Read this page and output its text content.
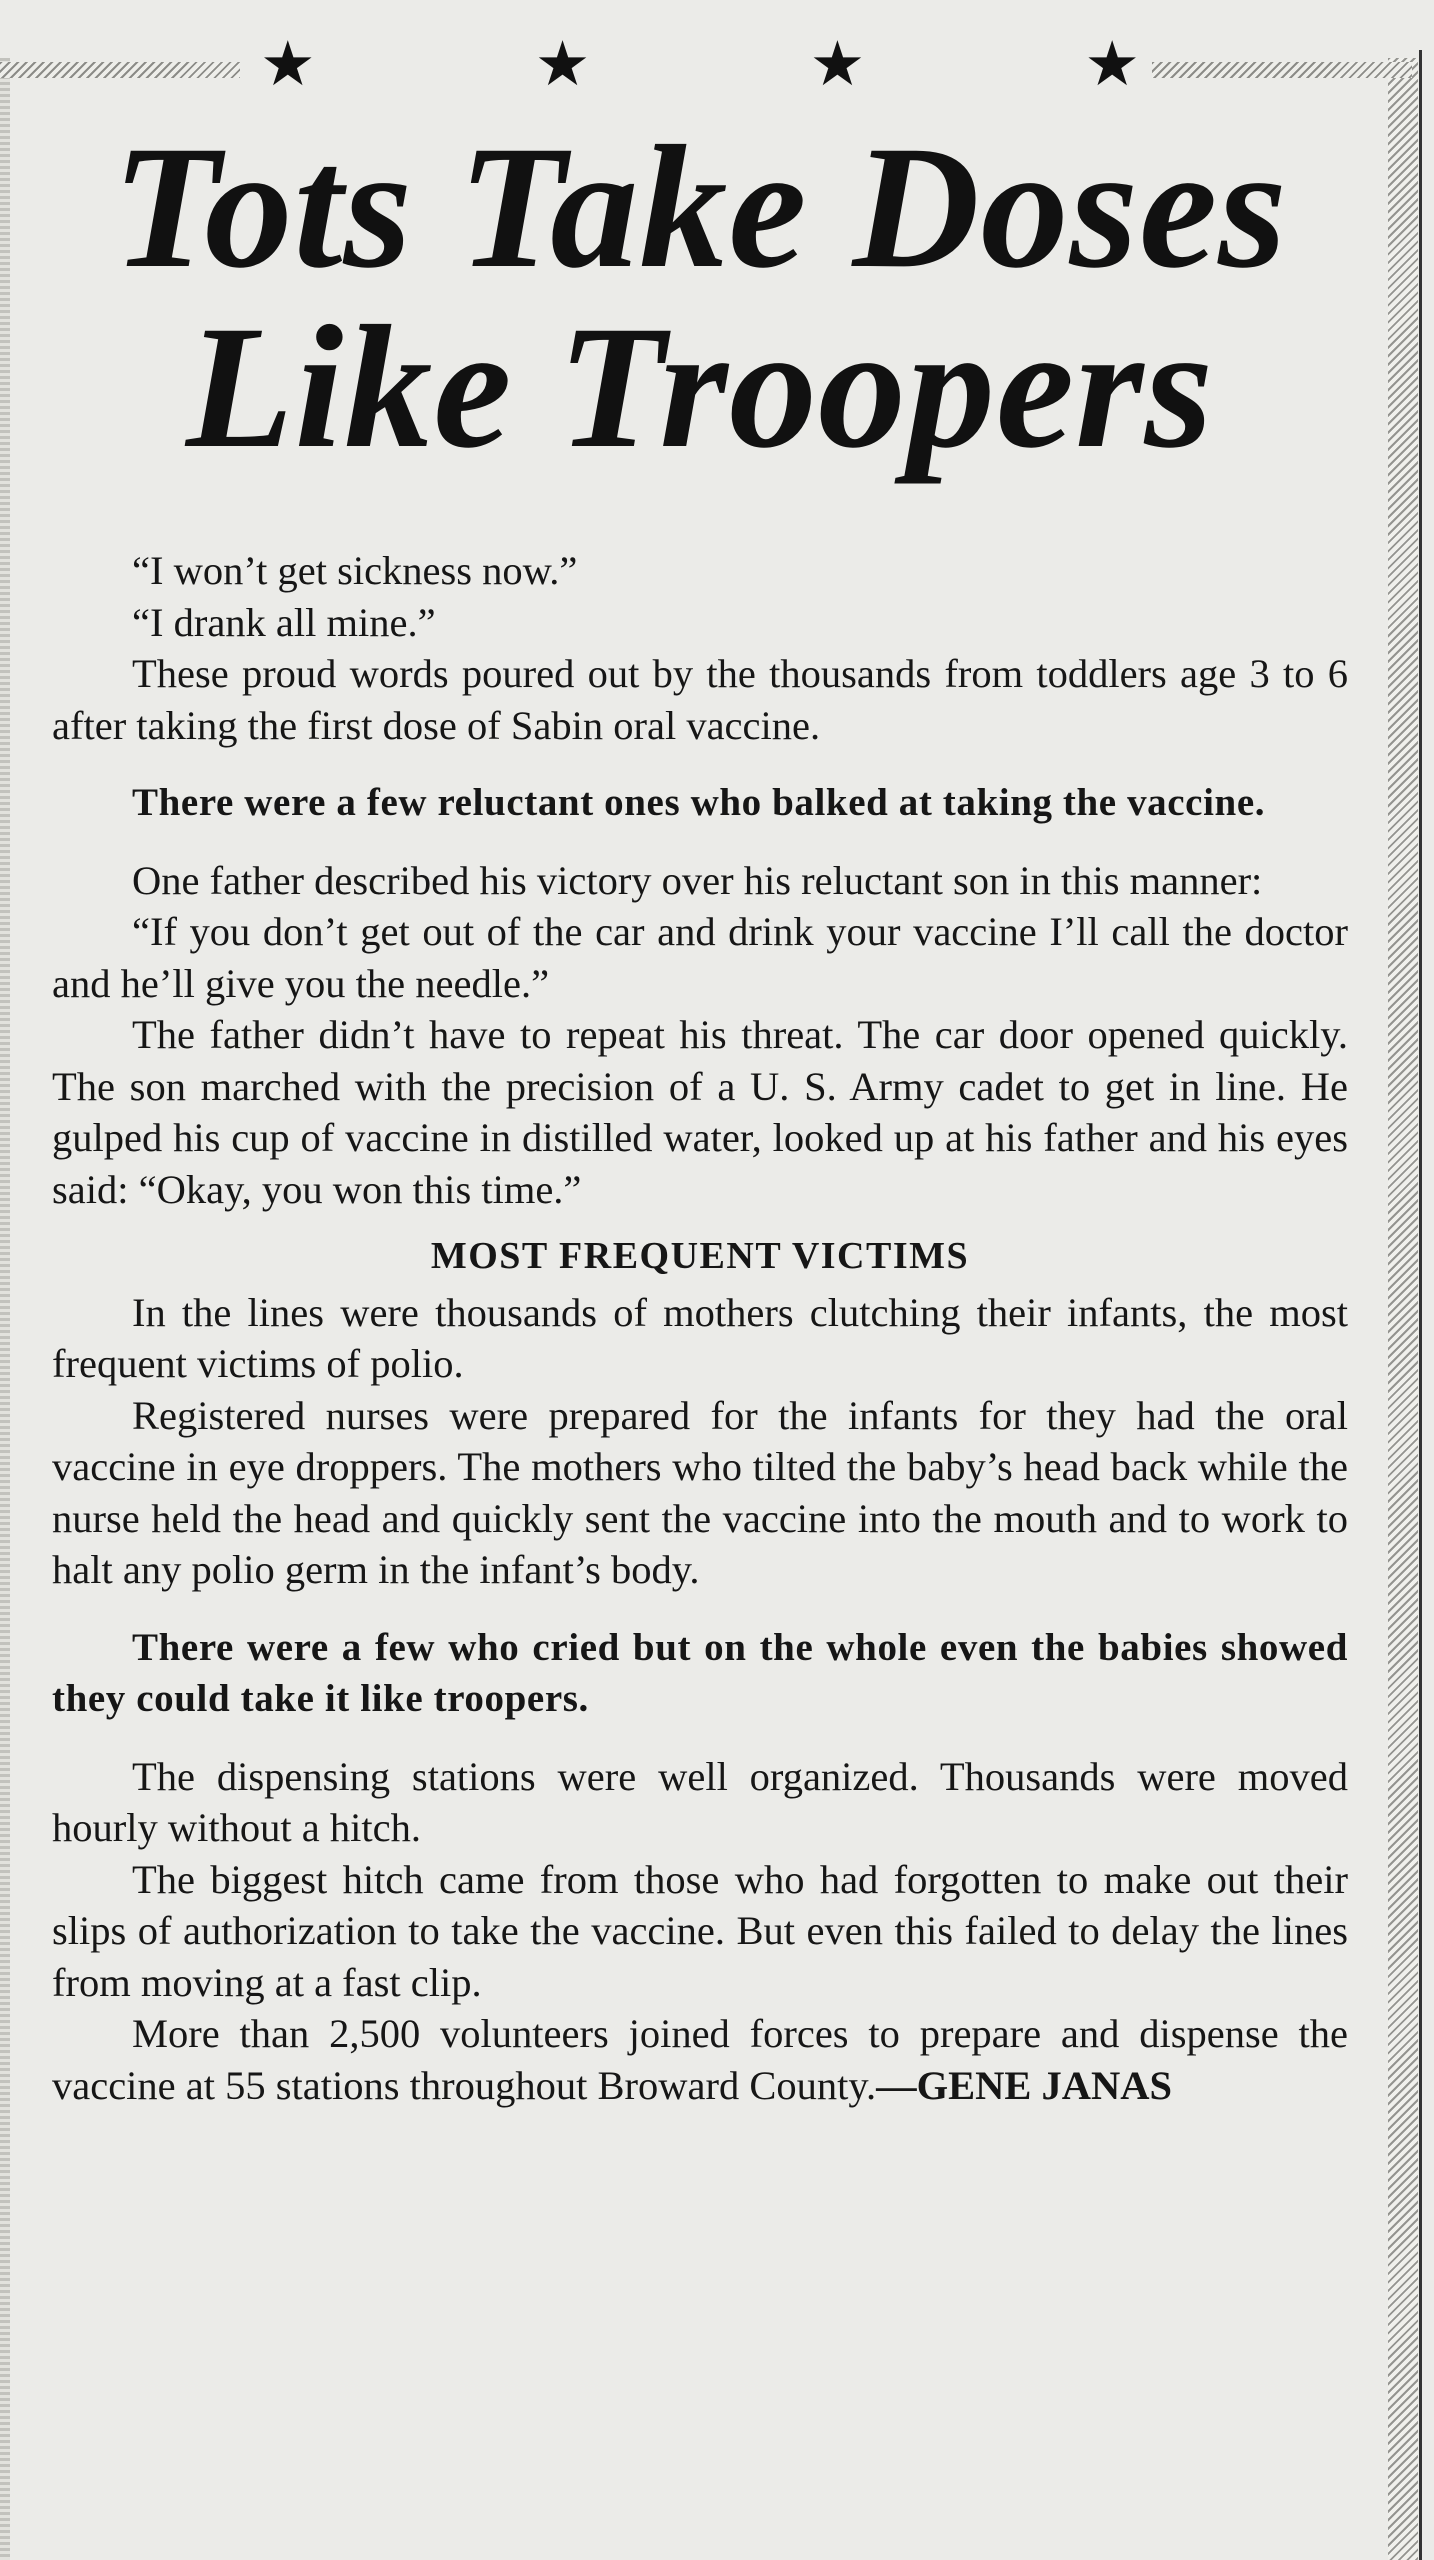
★	★	★	★
Tots Take Doses
Like Troopers

“I won’t get sickness now.”

“I drank all mine.”

These proud words poured out by the thousands from toddlers age 3 to 6 after taking the first dose of Sabin oral vaccine.

There were a few reluctant ones who balked at taking the vaccine.

One father described his victory over his reluctant son in this manner:

“If you don’t get out of the car and drink your vaccine I’ll call the doctor and he’ll give you the needle.”

The father didn’t have to repeat his threat. The car door opened quickly. The son marched with the precision of a U. S. Army cadet to get in line. He gulped his cup of vaccine in distilled water, looked up at his father and his eyes said: “Okay, you won this time.”

MOST FREQUENT VICTIMS

In the lines were thousands of mothers clutching their infants, the most frequent victims of polio.

Registered nurses were prepared for the infants for they had the oral vaccine in eye droppers. The mothers who tilted the baby’s head back while the nurse held the head and quickly sent the vaccine into the mouth and to work to halt any polio germ in the infant’s body.

There were a few who cried but on the whole even the babies showed they could take it like troopers.

The dispensing stations were well organized. Thousands were moved hourly without a hitch.

The biggest hitch came from those who had forgotten to make out their slips of authorization to take the vaccine. But even this failed to delay the lines from moving at a fast clip.

More than 2,500 volunteers joined forces to prepare and dispense the vaccine at 55 stations throughout Broward County.—GENE JANAS
